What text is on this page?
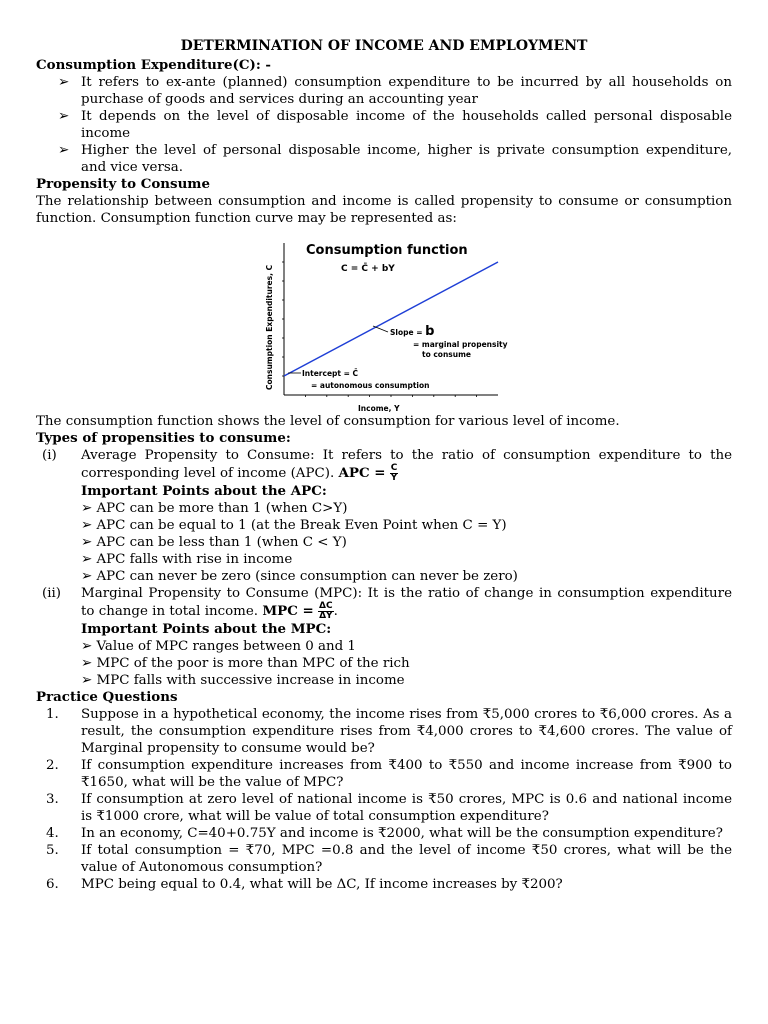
DETERMINATION OF INCOME AND EMPLOYMENT
Consumption Expenditure(C): -
➢ It refers to ex-ante (planned) consumption expenditure to be incurred by all households on purchase of goods and services during an accounting year
➢ It depends on the level of disposable income of the households called personal disposable income
➢ Higher the level of personal disposable income, higher is private consumption expenditure, and vice versa.
Propensity to Consume
The relationship between consumption and income is called propensity to consume or consumption function. Consumption function curve may be represented as:
Consumption function
C = C̄ + bY
Consumption Expenditures, C
Income, Y
Slope = b
= marginal propensity
to consume
Intercept = C̄
= autonomous consumption
The consumption function shows the level of consumption for various level of income.
Types of propensities to consume:
(i) Average Propensity to Consume: It refers to the ratio of consumption expenditure to the corresponding level of income (APC). APC = $\frac{C}{Y}$
Important Points about the APC:
➢ APC can be more than 1 (when C>Y)
➢ APC can be equal to 1 (at the Break Even Point when C = Y)
➢ APC can be less than 1 (when C < Y)
➢ APC falls with rise in income
➢ APC can never be zero (since consumption can never be zero)
(ii) Marginal Propensity to Consume (MPC): It is the ratio of change in consumption expenditure to change in total income. MPC = $\frac{\Delta C}{\Delta Y}$ .
Important Points about the MPC:
➢ Value of MPC ranges between 0 and 1
➢ MPC of the poor is more than MPC of the rich
➢ MPC falls with successive increase in income
Practice Questions
1. Suppose in a hypothetical economy, the income rises from ₹5,000 crores to ₹6,000 crores. As a result, the consumption expenditure rises from ₹4,000 crores to ₹4,600 crores. The value of Marginal propensity to consume would be?
2. If consumption expenditure increases from ₹400 to ₹550 and income increase from ₹900 to ₹1650, what will be the value of MPC?
3. If consumption at zero level of national income is ₹50 crores, MPC is 0.6 and national income is ₹1000 crore, what will be value of total consumption expenditure?
4. In an economy, C=40+0.75Y and income is ₹2000, what will be the consumption expenditure?
5. If total consumption = ₹70, MPC =0.8 and the level of income ₹50 crores, what will be the value of Autonomous consumption?
6. MPC being equal to 0.4, what will be ΔC, If income increases by ₹200?
